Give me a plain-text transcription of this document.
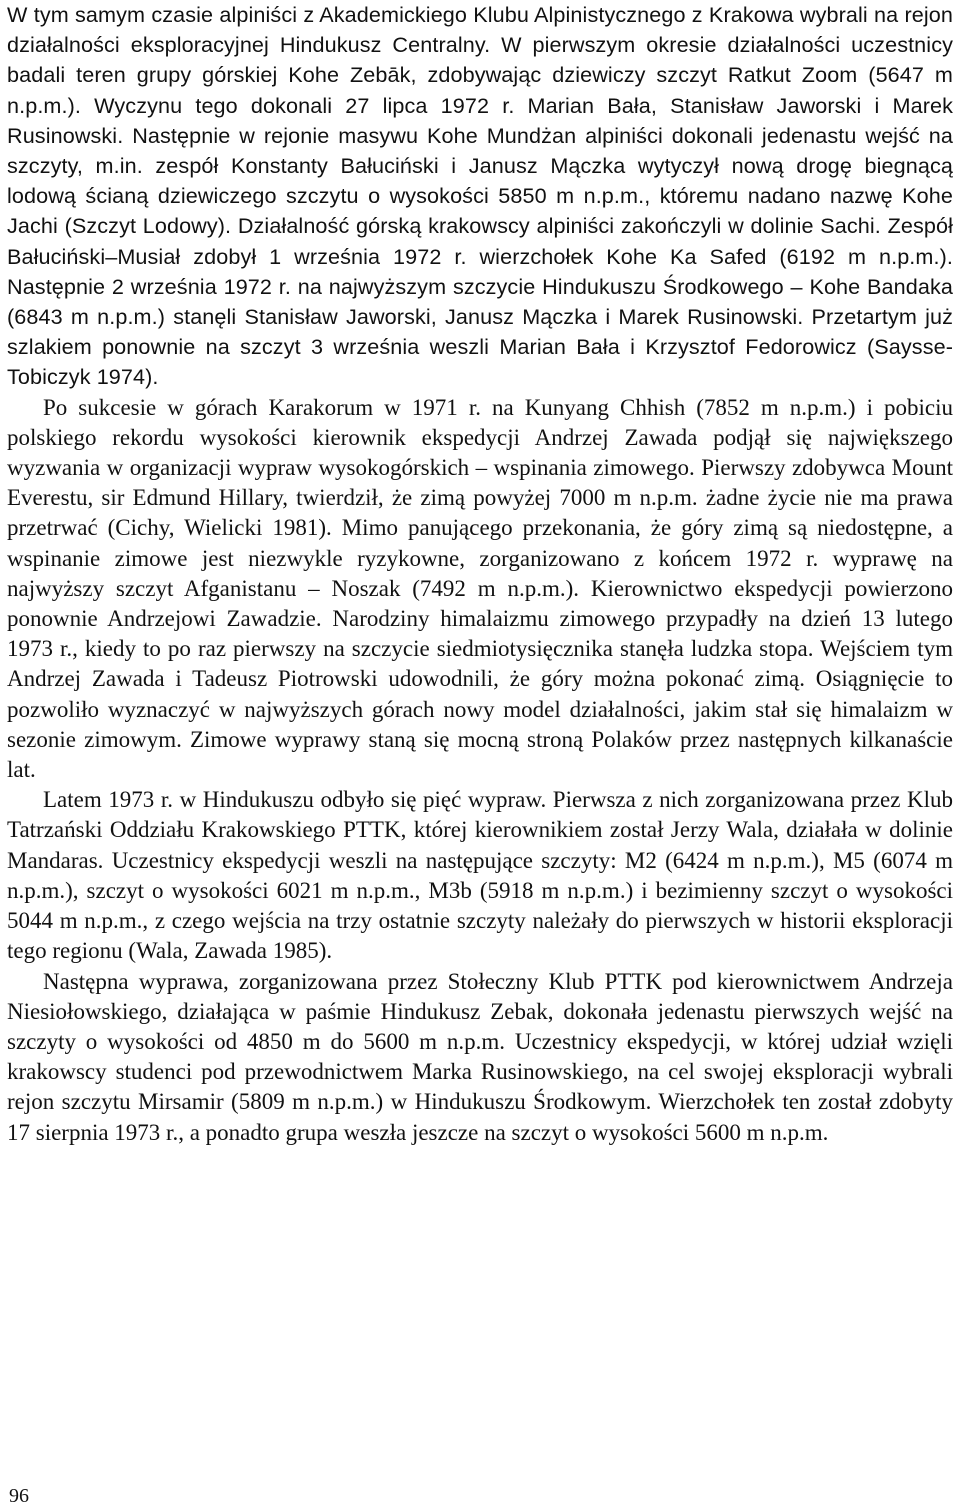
W tym samym czasie alpiniści z Akademickiego Klubu Alpinistycznego z Krakowa wybrali na rejon działalności eksploracyjnej Hindukusz Centralny. W pierwszym okresie działalności uczestnicy badali teren grupy górskiej Kohe Zebāk, zdobywając dziewiczy szczyt Ratkut Zoom (5647 m n.p.m.). Wyczynu tego dokonali 27 lipca 1972 r. Marian Bała, Stanisław Jaworski i Marek Rusinowski. Następnie w rejonie masywu Kohe Mundżan alpiniści dokonali jedenastu wejść na szczyty, m.in. zespół Konstanty Bałuciński i Janusz Mączka wytyczył nową drogę biegnącą lodową ścianą dziewiczego szczytu o wysokości 5850 m n.p.m., któremu nadano nazwę Kohe Jachi (Szczyt Lodowy). Działalność górską krakowscy alpiniści zakończyli w dolinie Sachi. Zespół Bałuciński–Musiał zdobył 1 września 1972 r. wierzchołek Kohe Ka Safed (6192 m n.p.m.). Następnie 2 września 1972 r. na najwyższym szczycie Hindukuszu Środkowego – Kohe Bandaka (6843 m n.p.m.) stanęli Stanisław Jaworski, Janusz Mączka i Marek Rusinowski. Przetartym już szlakiem ponownie na szczyt 3 września weszli Marian Bała i Krzysztof Fedorowicz (Saysse-Tobiczyk 1974).

Po sukcesie w górach Karakorum w 1971 r. na Kunyang Chhish (7852 m n.p.m.) i pobiciu polskiego rekordu wysokości kierownik ekspedycji Andrzej Zawada podjął się największego wyzwania w organizacji wypraw wysokogórskich – wspinania zimowego. Pierwszy zdobywca Mount Everestu, sir Edmund Hillary, twierdził, że zimą powyżej 7000 m n.p.m. żadne życie nie ma prawa przetrwać (Cichy, Wielicki 1981). Mimo panującego przekonania, że góry zimą są niedostępne, a wspinanie zimowe jest niezwykle ryzykowne, zorganizowano z końcem 1972 r. wyprawę na najwyższy szczyt Afganistanu – Noszak (7492 m n.p.m.). Kierownictwo ekspedycji powierzono ponownie Andrzejowi Zawadzie. Narodziny himalaizmu zimowego przypadły na dzień 13 lutego 1973 r., kiedy to po raz pierwszy na szczycie siedmiotysięcznika stanęła ludzka stopa. Wejściem tym Andrzej Zawada i Tadeusz Piotrowski udowodnili, że góry można pokonać zimą. Osiągnięcie to pozwoliło wyznaczyć w najwyższych górach nowy model działalności, jakim stał się himalaizm w sezonie zimowym. Zimowe wyprawy staną się mocną stroną Polaków przez następnych kilkanaście lat.

Latem 1973 r. w Hindukuszu odbyło się pięć wypraw. Pierwsza z nich zorganizowana przez Klub Tatrzański Oddziału Krakowskiego PTTK, której kierownikiem został Jerzy Wala, działała w dolinie Mandaras. Uczestnicy ekspedycji weszli na następujące szczyty: M2 (6424 m n.p.m.), M5 (6074 m n.p.m.), szczyt o wysokości 6021 m n.p.m., M3b (5918 m n.p.m.) i bezimienny szczyt o wysokości 5044 m n.p.m., z czego wejścia na trzy ostatnie szczyty należały do pierwszych w historii eksploracji tego regionu (Wala, Zawada 1985).

Następna wyprawa, zorganizowana przez Stołeczny Klub PTTK pod kierownictwem Andrzeja Niesiołowskiego, działająca w paśmie Hindukusz Zebak, dokonała jedenastu pierwszych wejść na szczyty o wysokości od 4850 m do 5600 m n.p.m. Uczestnicy ekspedycji, w której udział wzięli krakowscy studenci pod przewodnictwem Marka Rusinowskiego, na cel swojej eksploracji wybrali rejon szczytu Mirsamir (5809 m n.p.m.) w Hindukuszu Środkowym. Wierzchołek ten został zdobyty 17 sierpnia 1973 r., a ponadto grupa weszła jeszcze na szczyt o wysokości 5600 m n.p.m.

96
